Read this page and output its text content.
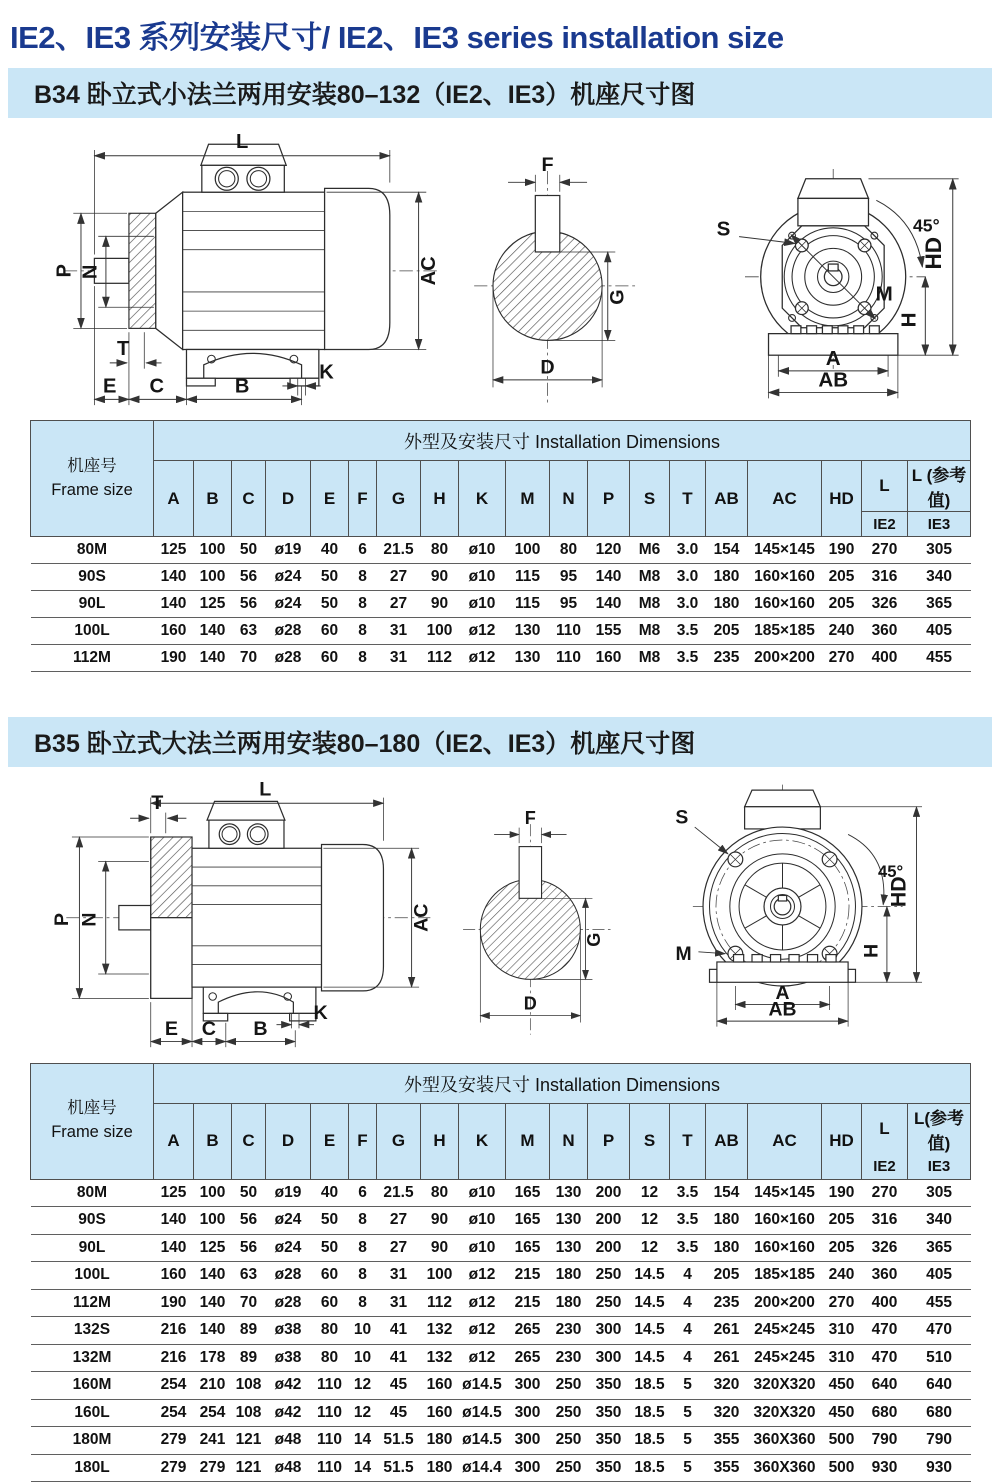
IE2、IE3 系列安装尺寸/ IE2、IE3 series installation size
B34 卧立式小法兰两用安装80–132（IE2、IE3）机座尺寸图
L
P N	AC
T
E C	B
K
F
G
D
HD
H
45°
S
M
A
AB
机座号
Frame size	外型及安装尺寸 Installation Dimensions																		
	A	B	C	D	E	F	G	H	K	M	N	P	S	T	AB	AC	HD	L	L (参考值)
																		IE2	IE3
80M	125	100	50	ø19	40	6	21.5	80	ø10	100	80	120	M6	3.0	154	145×145	190	270	305
90S	140	100	56	ø24	50	8	27	90	ø10	115	95	140	M8	3.0	180	160×160	205	316	340
90L	140	125	56	ø24	50	8	27	90	ø10	115	95	140	M8	3.0	180	160×160	205	326	365
100L	160	140	63	ø28	60	8	31	100	ø12	130	110	155	M8	3.5	205	185×185	240	360	405
112M	190	140	70	ø28	60	8	31	112	ø12	130	110	160	M8	3.5	235	200×200	270	400	455
B35 卧立式大法兰两用安装80–180（IE2、IE3）机座尺寸图
L
T
P N	AC
E C B
K
F
G
D
S
M
45°
HD
H
A
AB
机座号
Frame size	外型及安装尺寸 Installation Dimensions																		
	A	B	C	D	E	F	G	H	K	M	N	P	S	T	AB	AC	HD	L	L(参考值)
																		IE2	IE3
80M	125	100	50	ø19	40	6	21.5	80	ø10	165	130	200	12	3.5	154	145×145	190	270	305
90S	140	100	56	ø24	50	8	27	90	ø10	165	130	200	12	3.5	180	160×160	205	316	340
90L	140	125	56	ø24	50	8	27	90	ø10	165	130	200	12	3.5	180	160×160	205	326	365
100L	160	140	63	ø28	60	8	31	100	ø12	215	180	250	14.5	4	205	185×185	240	360	405
112M	190	140	70	ø28	60	8	31	112	ø12	215	180	250	14.5	4	235	200×200	270	400	455
132S	216	140	89	ø38	80	10	41	132	ø12	265	230	300	14.5	4	261	245×245	310	470	470
132M	216	178	89	ø38	80	10	41	132	ø12	265	230	300	14.5	4	261	245×245	310	470	510
160M	254	210	108	ø42	110	12	45	160	ø14.5	300	250	350	18.5	5	320	320X320	450	640	640
160L	254	254	108	ø42	110	12	45	160	ø14.5	300	250	350	18.5	5	320	320X320	450	680	680
180M	279	241	121	ø48	110	14	51.5	180	ø14.5	300	250	350	18.5	5	355	360X360	500	790	790
180L	279	279	121	ø48	110	14	51.5	180	ø14.4	300	250	350	18.5	5	355	360X360	500	930	930
